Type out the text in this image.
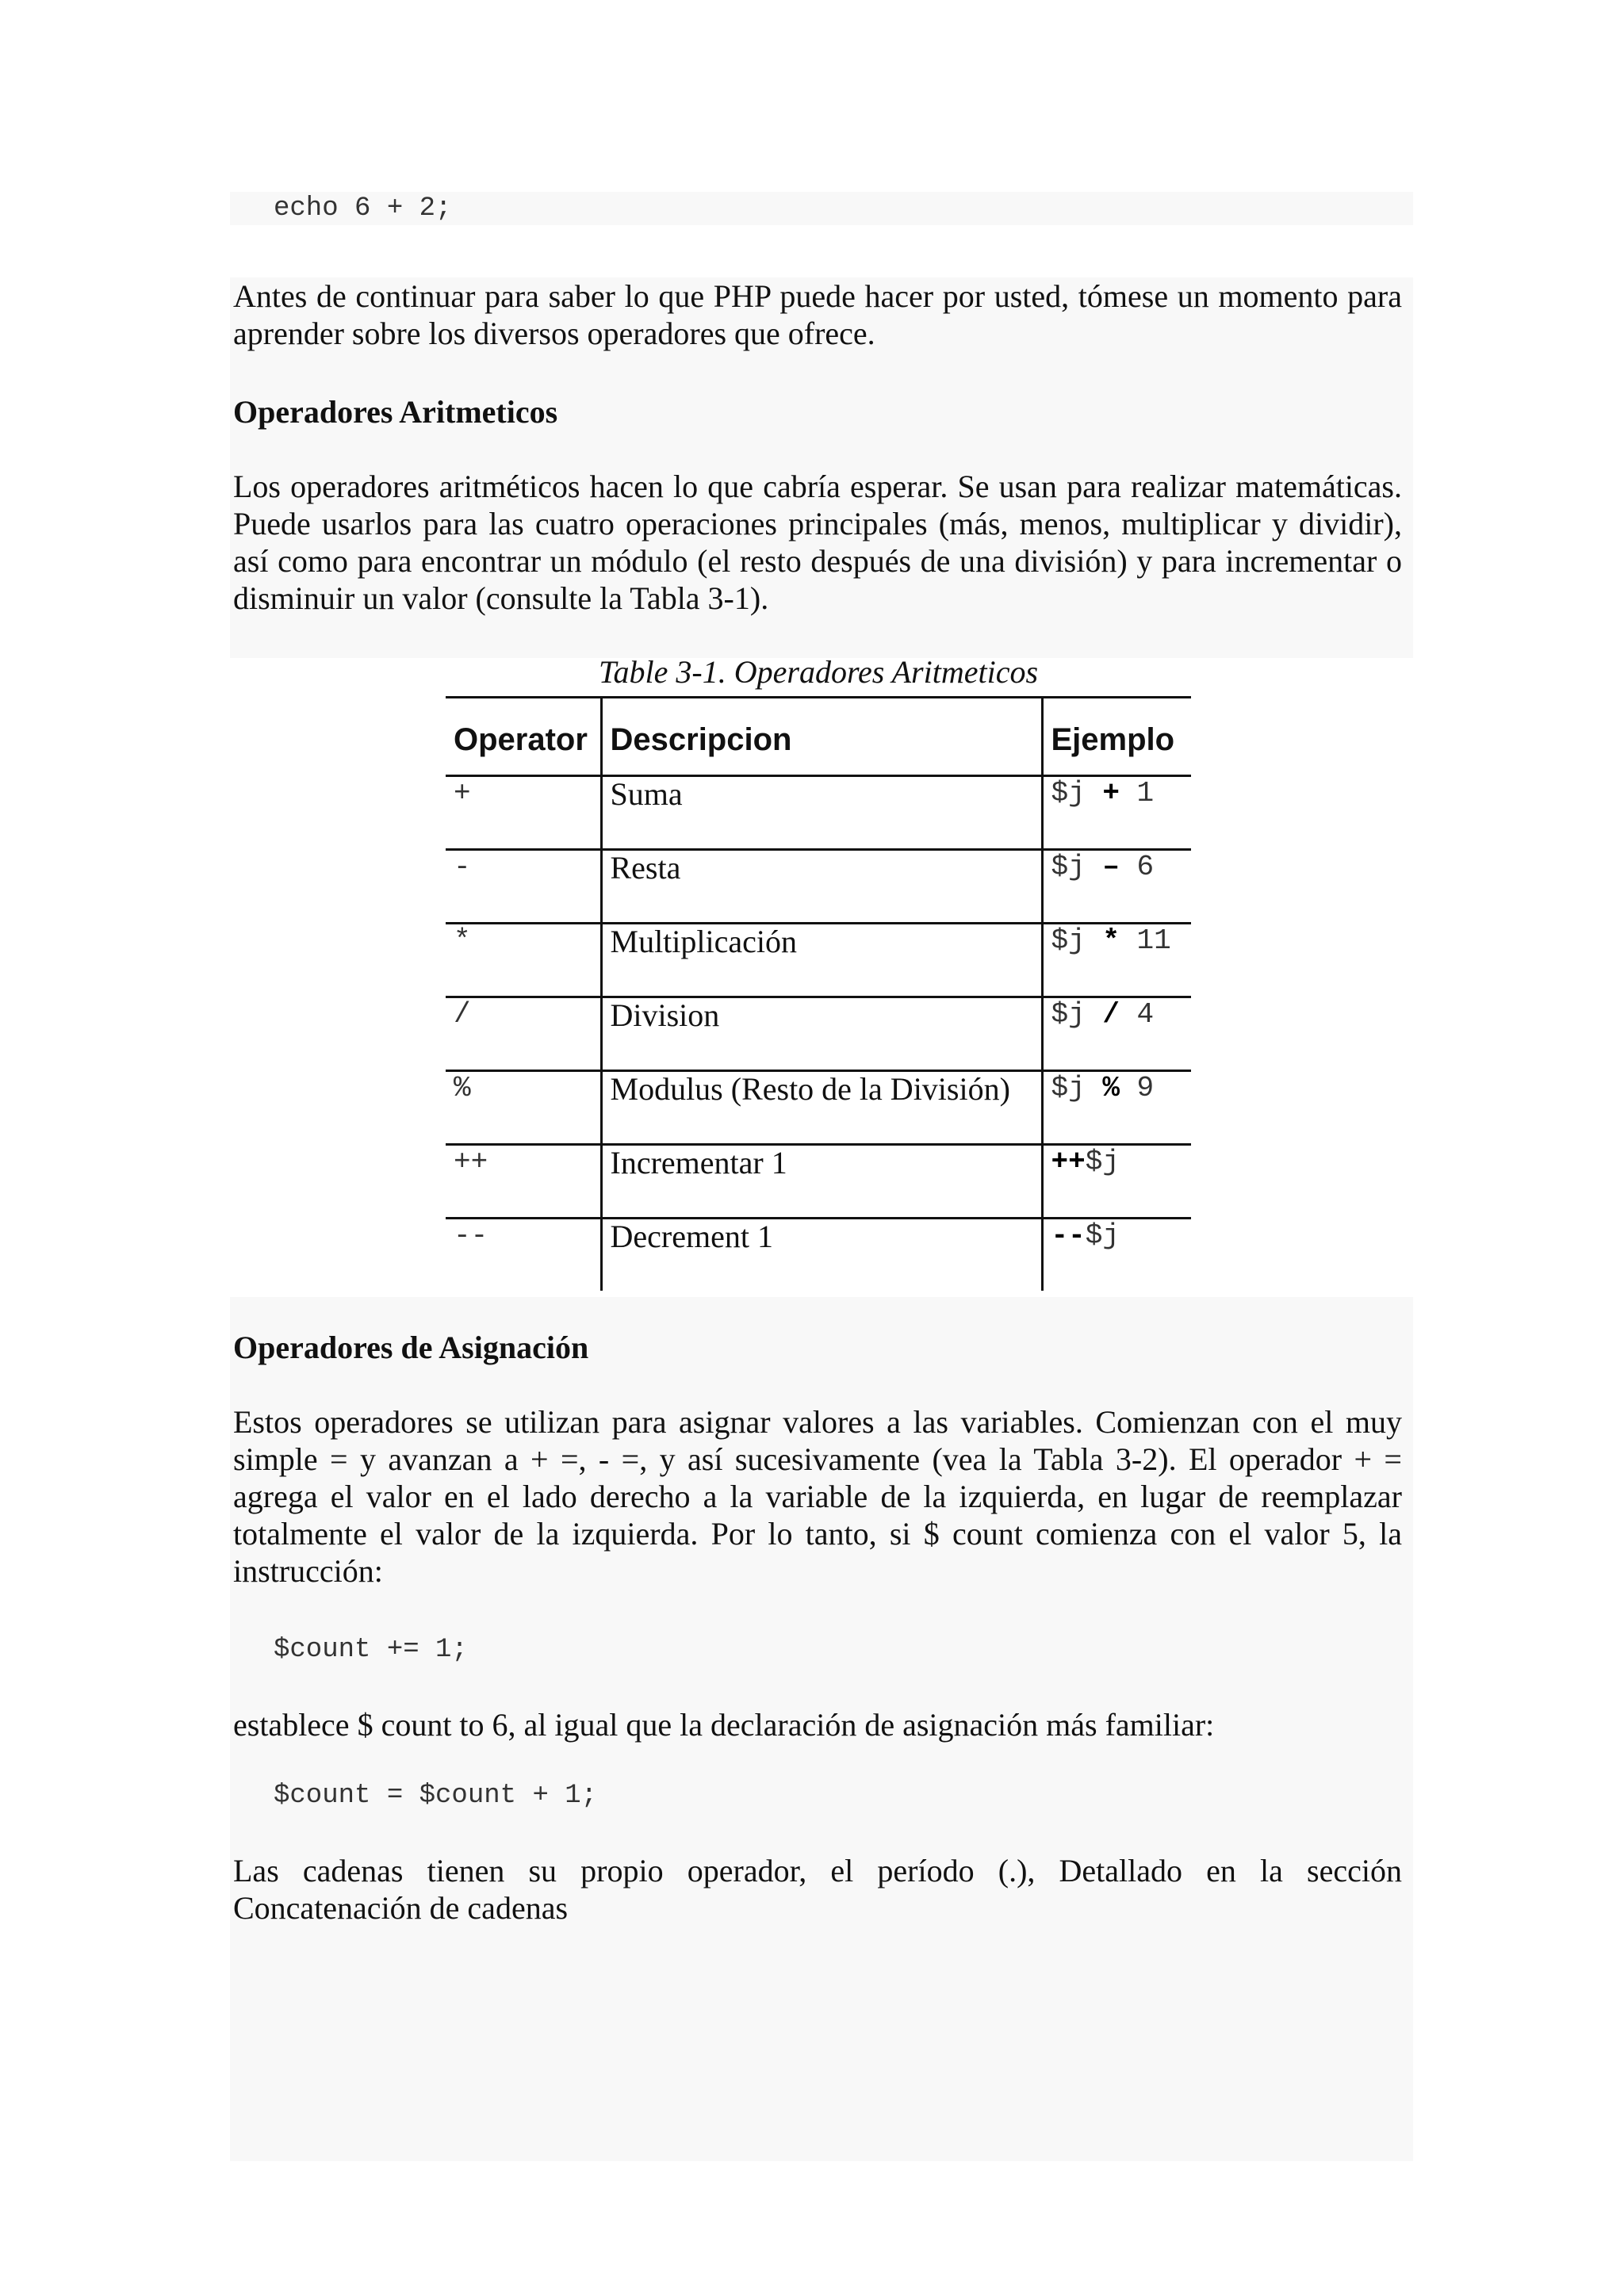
echo 6 + 2;
Antes de continuar para saber lo que PHP puede hacer por usted, tómese un momento para aprender sobre los diversos operadores que ofrece.
Operadores Aritmeticos
Los operadores aritméticos hacen lo que cabría esperar. Se usan para realizar matemáticas. Puede usarlos para las cuatro operaciones principales (más, menos, multiplicar y dividir), así como para encontrar un módulo (el resto después de una división) y para incrementar o disminuir un valor (consulte la Tabla 3-1).
Table 3-1. Operadores Aritmeticos
Operator	Descripcion	Ejemplo
+	Suma	$j + 1
-	Resta	$j – 6
*	Multiplicación	$j * 11
/	Division	$j / 4
%	Modulus (Resto de la División)	$j % 9
++	Incrementar 1	++$j
--	Decrement 1	--$j
Operadores de Asignación
Estos operadores se utilizan para asignar valores a las variables. Comienzan con el muy simple = y avanzan a + =, - =, y así sucesivamente (vea la Tabla 3-2). El operador + = agrega el valor en el lado derecho a la variable de la izquierda, en lugar de reemplazar totalmente el valor de la izquierda. Por lo tanto, si $ count comienza con el valor 5, la instrucción:
$count += 1;
establece $ count to 6, al igual que la declaración de asignación más familiar:
$count = $count + 1;
Las cadenas tienen su propio operador, el período (.), Detallado en la sección Concatenación de cadenas
